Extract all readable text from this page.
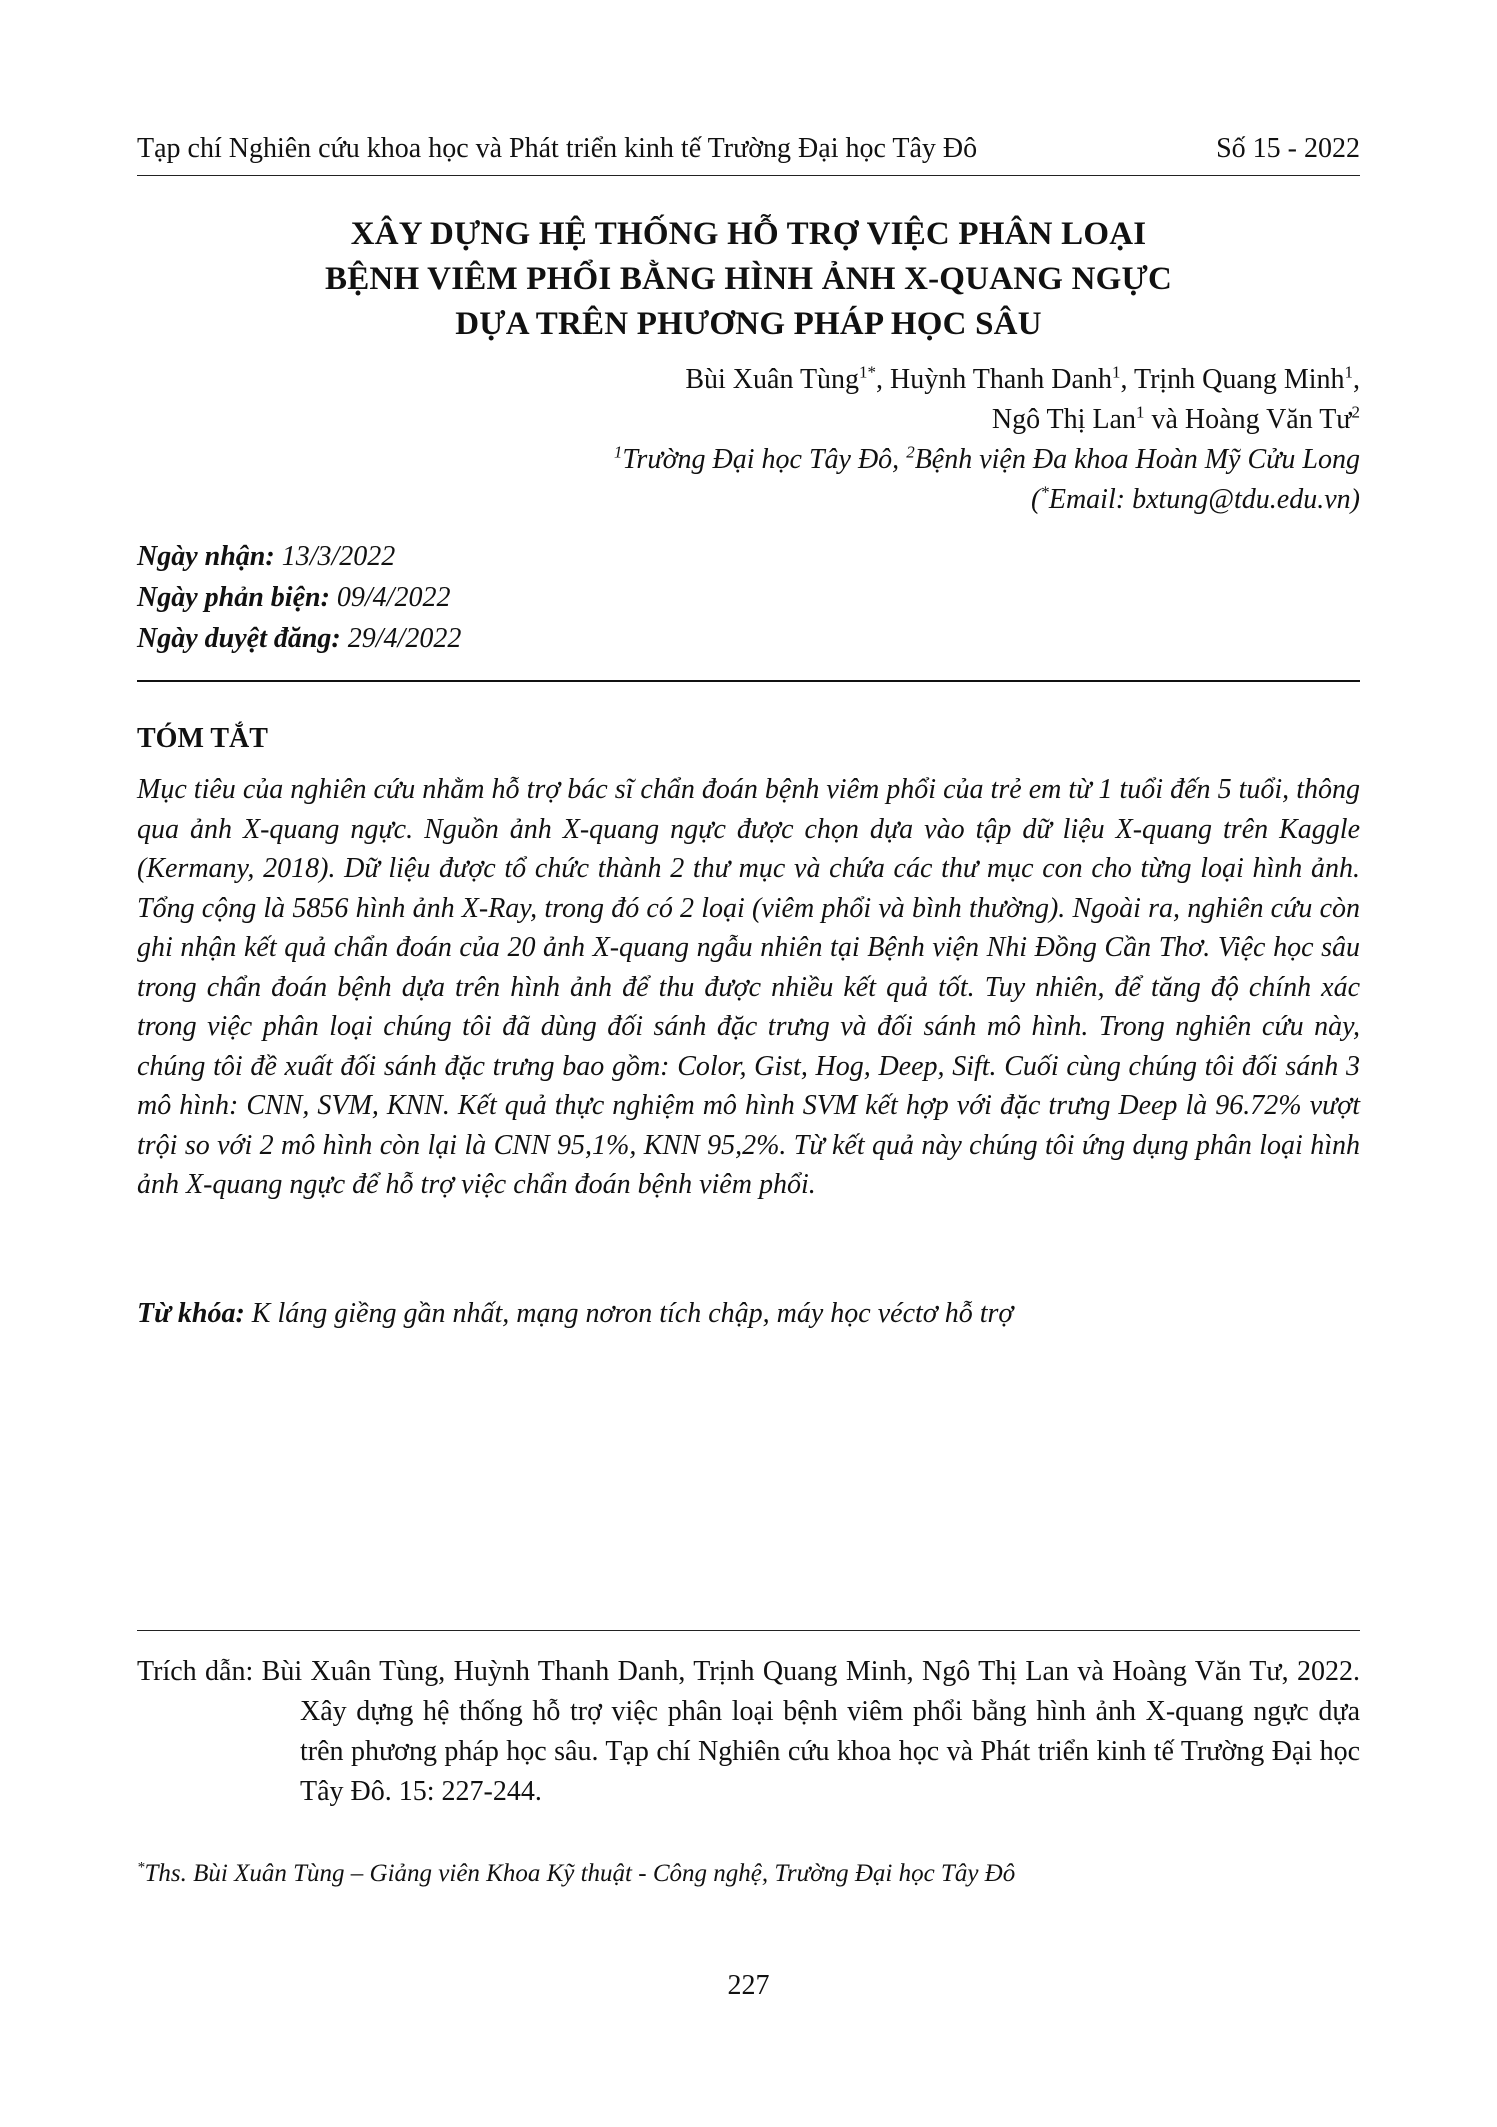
Tạp chí Nghiên cứu khoa học và Phát triển kinh tế Trường Đại học Tây Đô	Số 15 - 2022
XÂY DỰNG HỆ THỐNG HỖ TRỢ VIỆC PHÂN LOẠI
BỆNH VIÊM PHỔI BẰNG HÌNH ẢNH X-QUANG NGỰC
DỰA TRÊN PHƯƠNG PHÁP HỌC SÂU
Bùi Xuân Tùng$^{1*}$, Huỳnh Thanh Danh$^1$, Trịnh Quang Minh$^1$,
Ngô Thị Lan$^1$ và Hoàng Văn $Tư^2$
$^1$Trường Đại học Tây Đô, $^2$Bệnh viện Đa khoa Hoàn Mỹ Cửu Long
(*Email: bxtung@tdu.edu.vn)
Ngày nhận: 13/3/2022
Ngày phản biện: 09/4/2022
Ngày duyệt đăng: 29/4/2022
TÓM TẮT
Mục tiêu của nghiên cứu nhằm hỗ trợ bác sĩ chẩn đoán bệnh viêm phổi của trẻ em từ 1 tuổi đến 5 tuổi, thông qua ảnh X-quang ngực. Nguồn ảnh X-quang ngực được chọn dựa vào tập dữ liệu X-quang trên Kaggle (Kermany, 2018). Dữ liệu được tổ chức thành 2 thư mục và chứa các thư mục con cho từng loại hình ảnh. Tổng cộng là 5856 hình ảnh X-Ray, trong đó có 2 loại (viêm phổi và bình thường). Ngoài ra, nghiên cứu còn ghi nhận kết quả chẩn đoán của 20 ảnh X-quang ngẫu nhiên tại Bệnh viện Nhi Đồng Cần Thơ. Việc học sâu trong chẩn đoán bệnh dựa trên hình ảnh để thu được nhiều kết quả tốt. Tuy nhiên, để tăng độ chính xác trong việc phân loại chúng tôi đã dùng đối sánh đặc trưng và đối sánh mô hình. Trong nghiên cứu này, chúng tôi đề xuất đối sánh đặc trưng bao gồm: Color, Gist, Hog, Deep, Sift. Cuối cùng chúng tôi đối sánh 3 mô hình: CNN, SVM, KNN. Kết quả thực nghiệm mô hình SVM kết hợp với đặc trưng Deep là 96.72% vượt trội so với 2 mô hình còn lại là CNN 95,1%, KNN 95,2%. Từ kết quả này chúng tôi ứng dụng phân loại hình ảnh X-quang ngực để hỗ trợ việc chẩn đoán bệnh viêm phổi.
Từ khóa: K láng giềng gần nhất, mạng nơron tích chập, máy học véctơ hỗ trợ
Trích dẫn: Bùi Xuân Tùng, Huỳnh Thanh Danh, Trịnh Quang Minh, Ngô Thị Lan và Hoàng Văn Tư, 2022. Xây dựng hệ thống hỗ trợ việc phân loại bệnh viêm phổi bằng hình ảnh X-quang ngực dựa trên phương pháp học sâu. Tạp chí Nghiên cứu khoa học và Phát triển kinh tế Trường Đại học Tây Đô. 15: 227-244.
*Ths. Bùi Xuân Tùng – Giảng viên Khoa Kỹ thuật - Công nghệ, Trường Đại học Tây Đô
227
